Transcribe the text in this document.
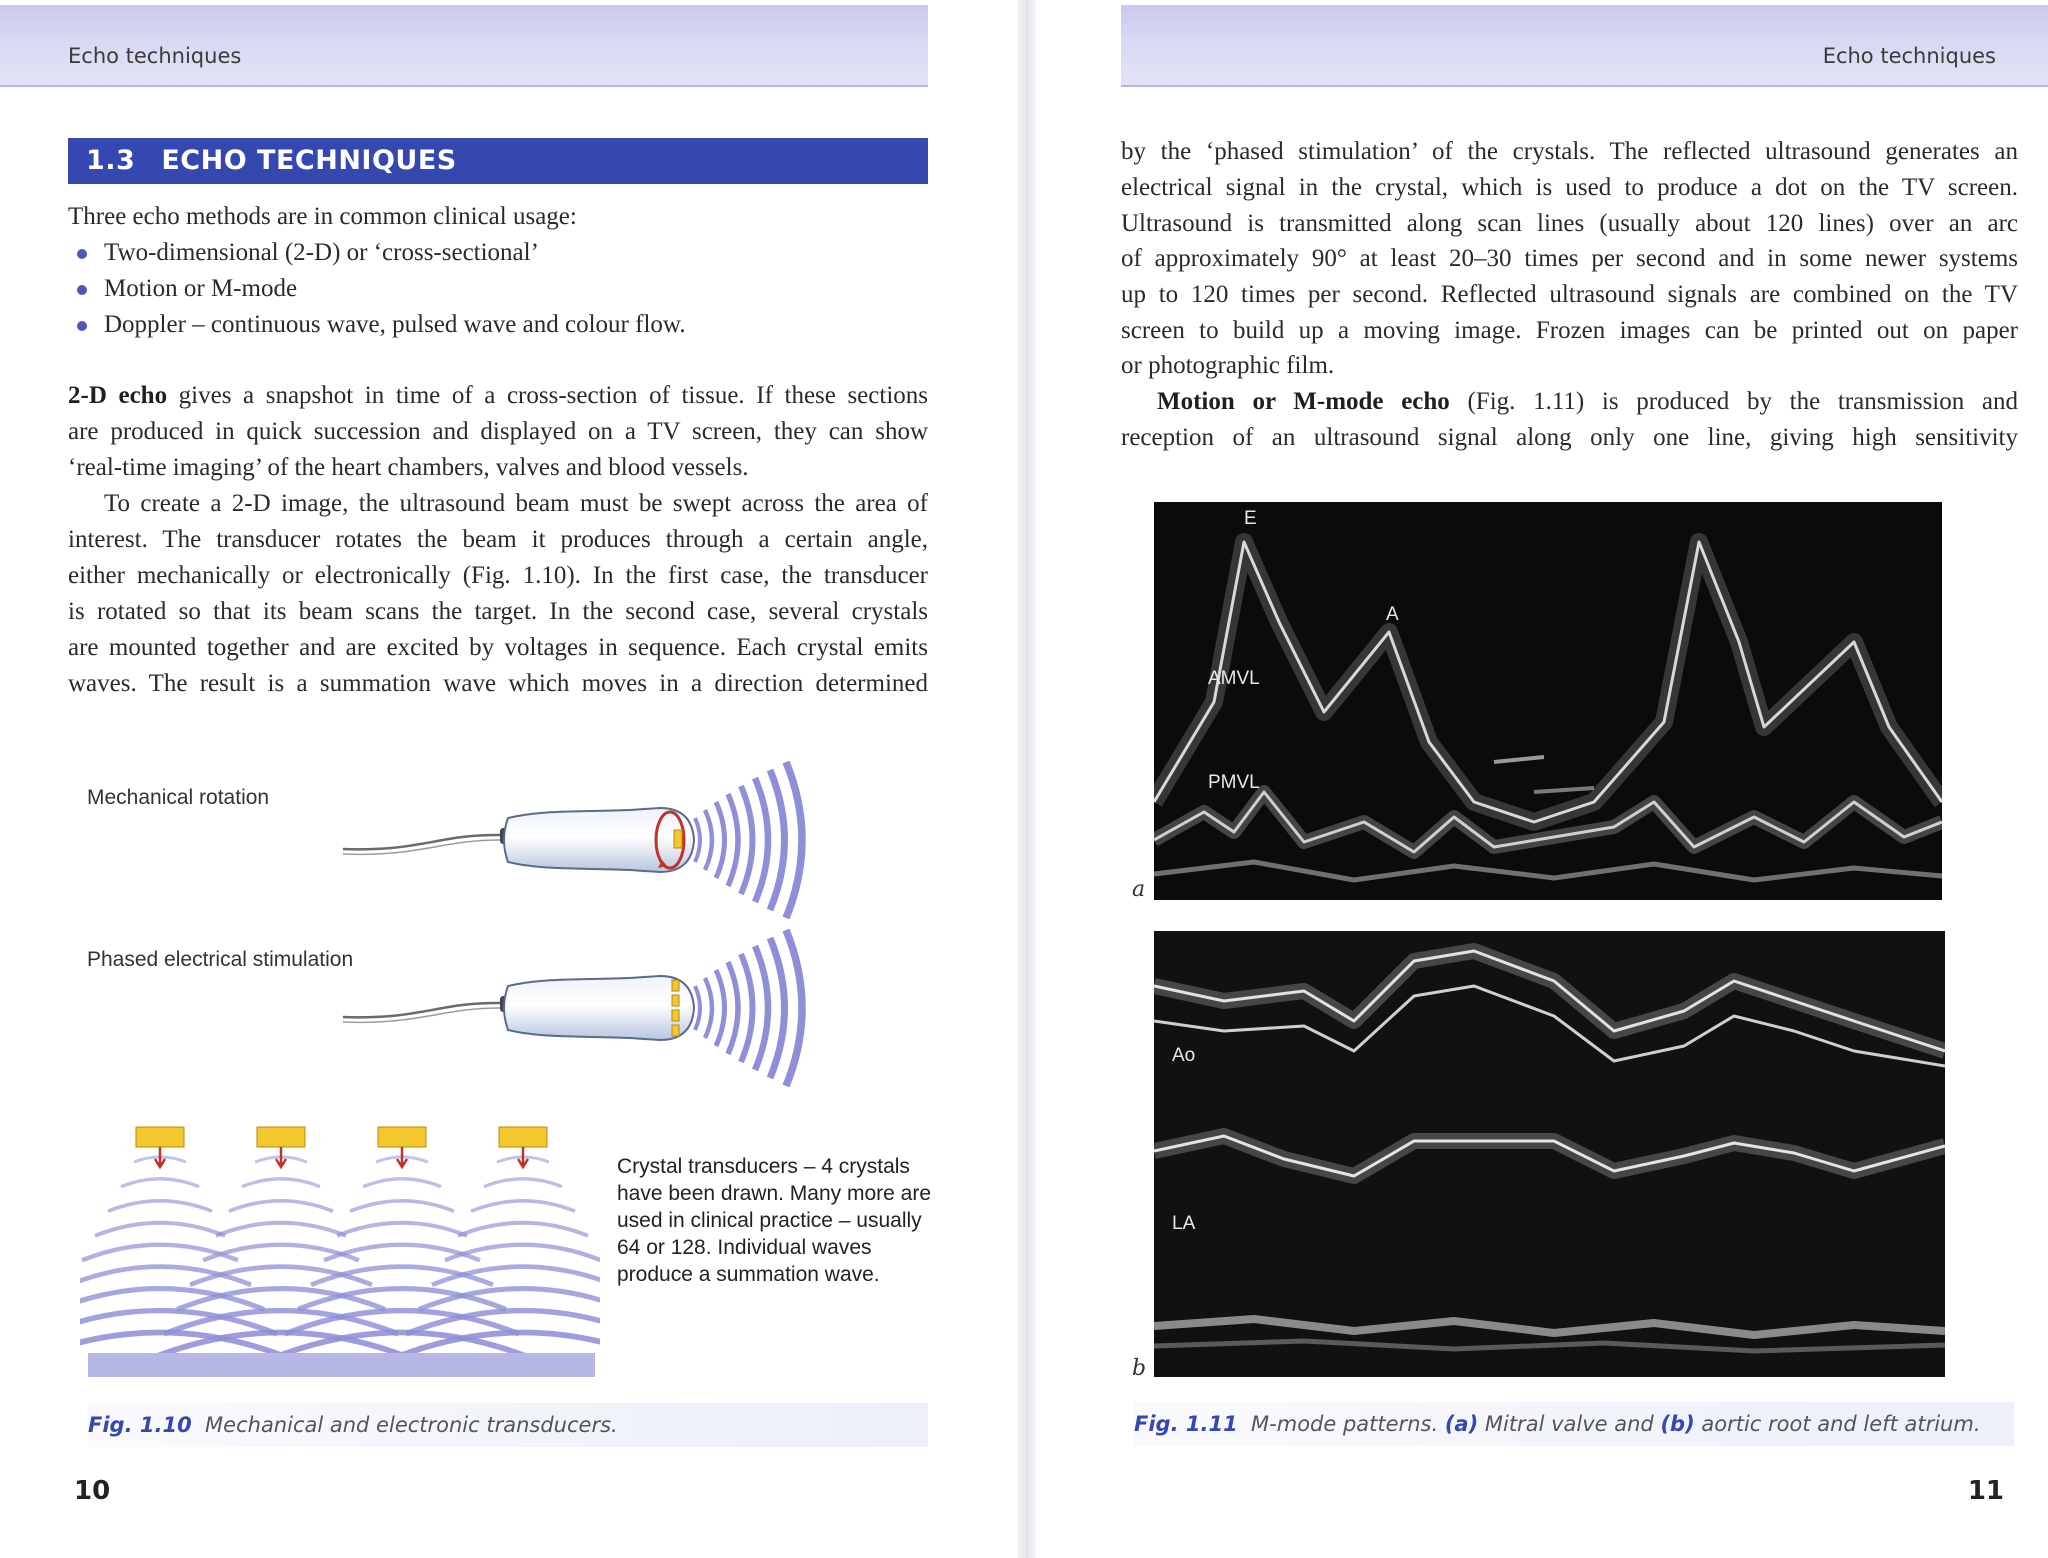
Echo techniques
1.3 ECHO TECHNIQUES
Three echo methods are in common clinical usage:
Two-dimensional (2-D) or ‘cross-sectional’
Motion or M-mode
Doppler – continuous wave, pulsed wave and colour flow.
2-D echo gives a snapshot in time of a cross-section of tissue. If these sections
are produced in quick succession and displayed on a TV screen, they can show
‘real-time imaging’ of the heart chambers, valves and blood vessels.
To create a 2-D image, the ultrasound beam must be swept across the area of
interest. The transducer rotates the beam it produces through a certain angle,
either mechanically or electronically (Fig. 1.10). In the first case, the transducer
is rotated so that its beam scans the target. In the second case, several crystals
are mounted together and are excited by voltages in sequence. Each crystal emits
waves. The result is a summation wave which moves in a direction determined
Mechanical rotation
Phased electrical stimulation
Crystal transducers – 4 crystals
have been drawn. Many more are
used in clinical practice – usually
64 or 128. Individual waves
produce a summation wave.
Fig. 1.10 Mechanical and electronic transducers.
10
Echo techniques
by the ‘phased stimulation’ of the crystals. The reflected ultrasound generates an
electrical signal in the crystal, which is used to produce a dot on the TV screen.
Ultrasound is transmitted along scan lines (usually about 120 lines) over an arc
of approximately 90° at least 20–30 times per second and in some newer systems
up to 120 times per second. Reflected ultrasound signals are combined on the TV
screen to build up a moving image. Frozen images can be printed out on paper
or photographic film.
Motion or M-mode echo (Fig. 1.11) is produced by the transmission and
reception of an ultrasound signal along only one line, giving high sensitivity
a
E
A
AMVL
PMVL
b
Ao
LA
Fig. 1.11 M-mode patterns. (a) Mitral valve and (b) aortic root and left atrium.
11
